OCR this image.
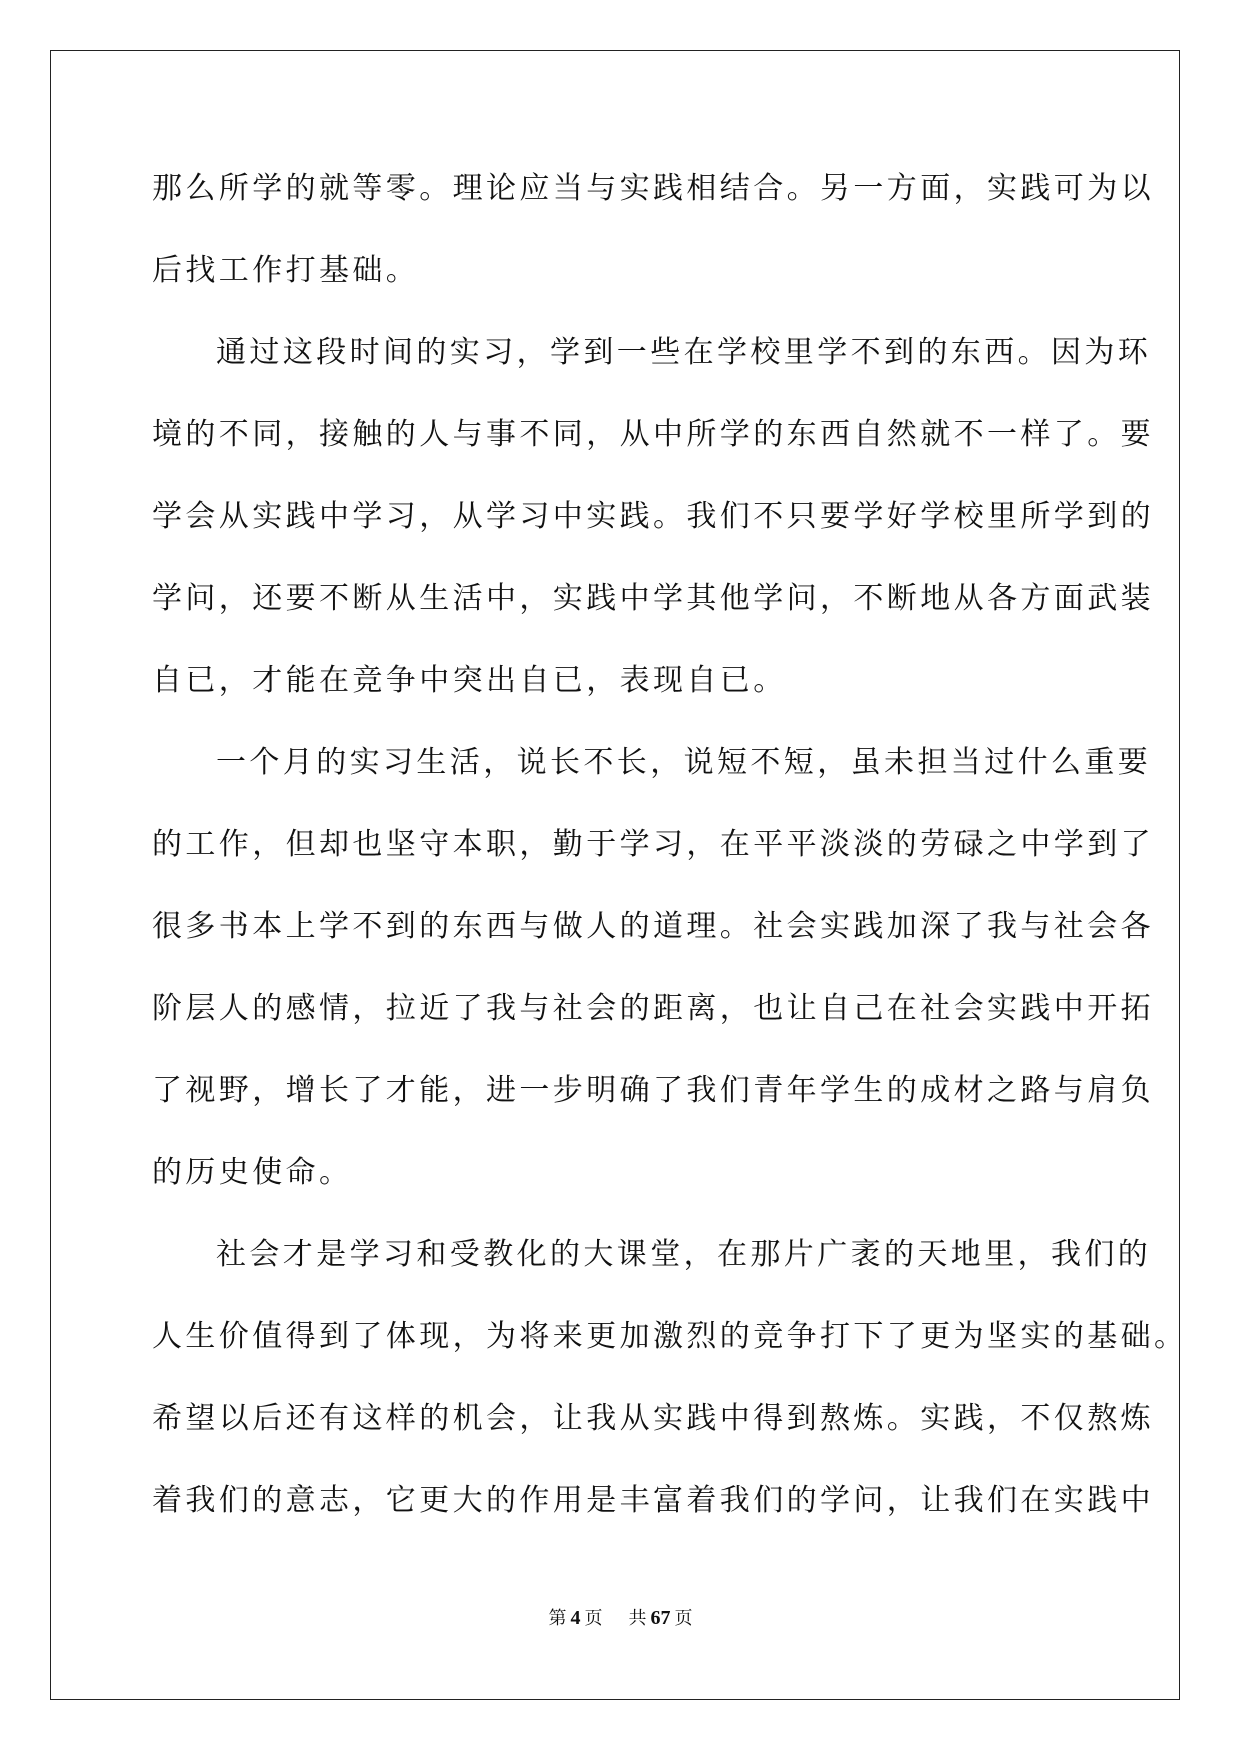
那么所学的就等零。理论应当与实践相结合。另一方面，实践可为以
后找工作打基础。
通过这段时间的实习，学到一些在学校里学不到的东西。因为环
境的不同，接触的人与事不同，从中所学的东西自然就不一样了。要
学会从实践中学习，从学习中实践。我们不只要学好学校里所学到的
学问，还要不断从生活中，实践中学其他学问，不断地从各方面武装
自已，才能在竞争中突出自已，表现自已。
一个月的实习生活，说长不长，说短不短，虽未担当过什么重要
的工作，但却也坚守本职，勤于学习，在平平淡淡的劳碌之中学到了
很多书本上学不到的东西与做人的道理。社会实践加深了我与社会各
阶层人的感情，拉近了我与社会的距离，也让自己在社会实践中开拓
了视野，增长了才能，进一步明确了我们青年学生的成材之路与肩负
的历史使命。
社会才是学习和受教化的大课堂，在那片广袤的天地里，我们的
人生价值得到了体现，为将来更加激烈的竞争打下了更为坚实的基础。
希望以后还有这样的机会，让我从实践中得到熬炼。实践，不仅熬炼
着我们的意志，它更大的作用是丰富着我们的学问，让我们在实践中
第 4 页 共 67 页
